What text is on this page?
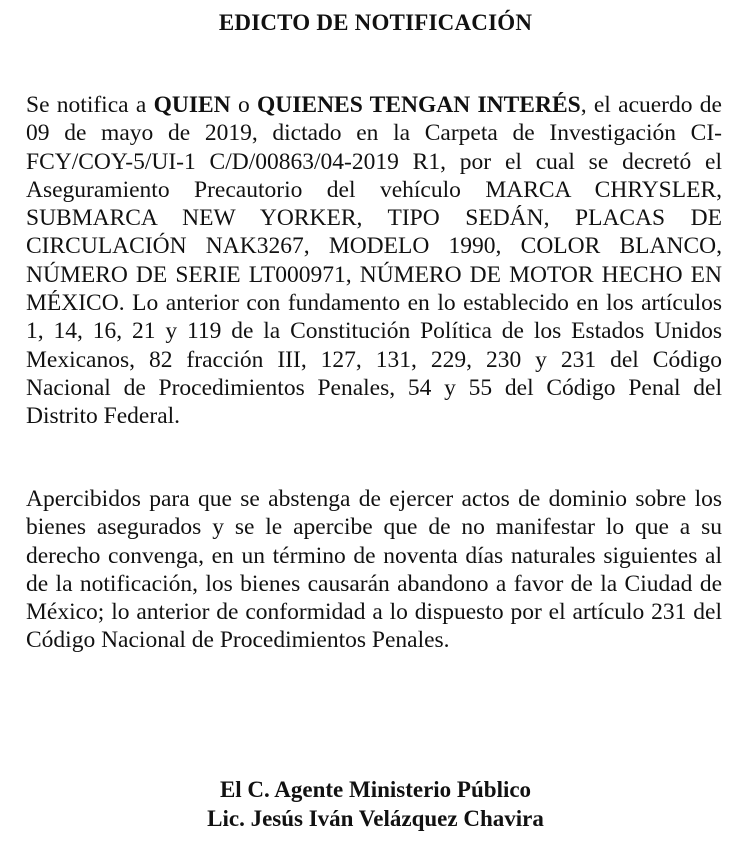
EDICTO DE NOTIFICACIÓN

Se notifica a QUIEN o QUIENES TENGAN INTERÉS, el acuerdo de 09 de mayo de 2019, dictado en la Carpeta de Investigación CI-FCY/COY-5/UI-1 C/D/00863/04-2019 R1, por el cual se decretó el Aseguramiento Precautorio del vehículo MARCA CHRYSLER, SUBMARCA NEW YORKER, TIPO SEDÁN, PLACAS DE CIRCULACIÓN NAK3267, MODELO 1990, COLOR BLANCO, NÚMERO DE SERIE LT000971, NÚMERO DE MOTOR HECHO EN MÉXICO. Lo anterior con fundamento en lo establecido en los artículos 1, 14, 16, 21 y 119 de la Constitución Política de los Estados Unidos Mexicanos, 82 fracción III, 127, 131, 229, 230 y 231 del Código Nacional de Procedimientos Penales, 54 y 55 del Código Penal del Distrito Federal.

Apercibidos para que se abstenga de ejercer actos de dominio sobre los bienes asegurados y se le apercibe que de no manifestar lo que a su derecho convenga, en un término de noventa días naturales siguientes al de la notificación, los bienes causarán abandono a favor de la Ciudad de México; lo anterior de conformidad a lo dispuesto por el artículo 231 del Código Nacional de Procedimientos Penales.

El C. Agente Ministerio Público
Lic. Jesús Iván Velázquez Chavira
